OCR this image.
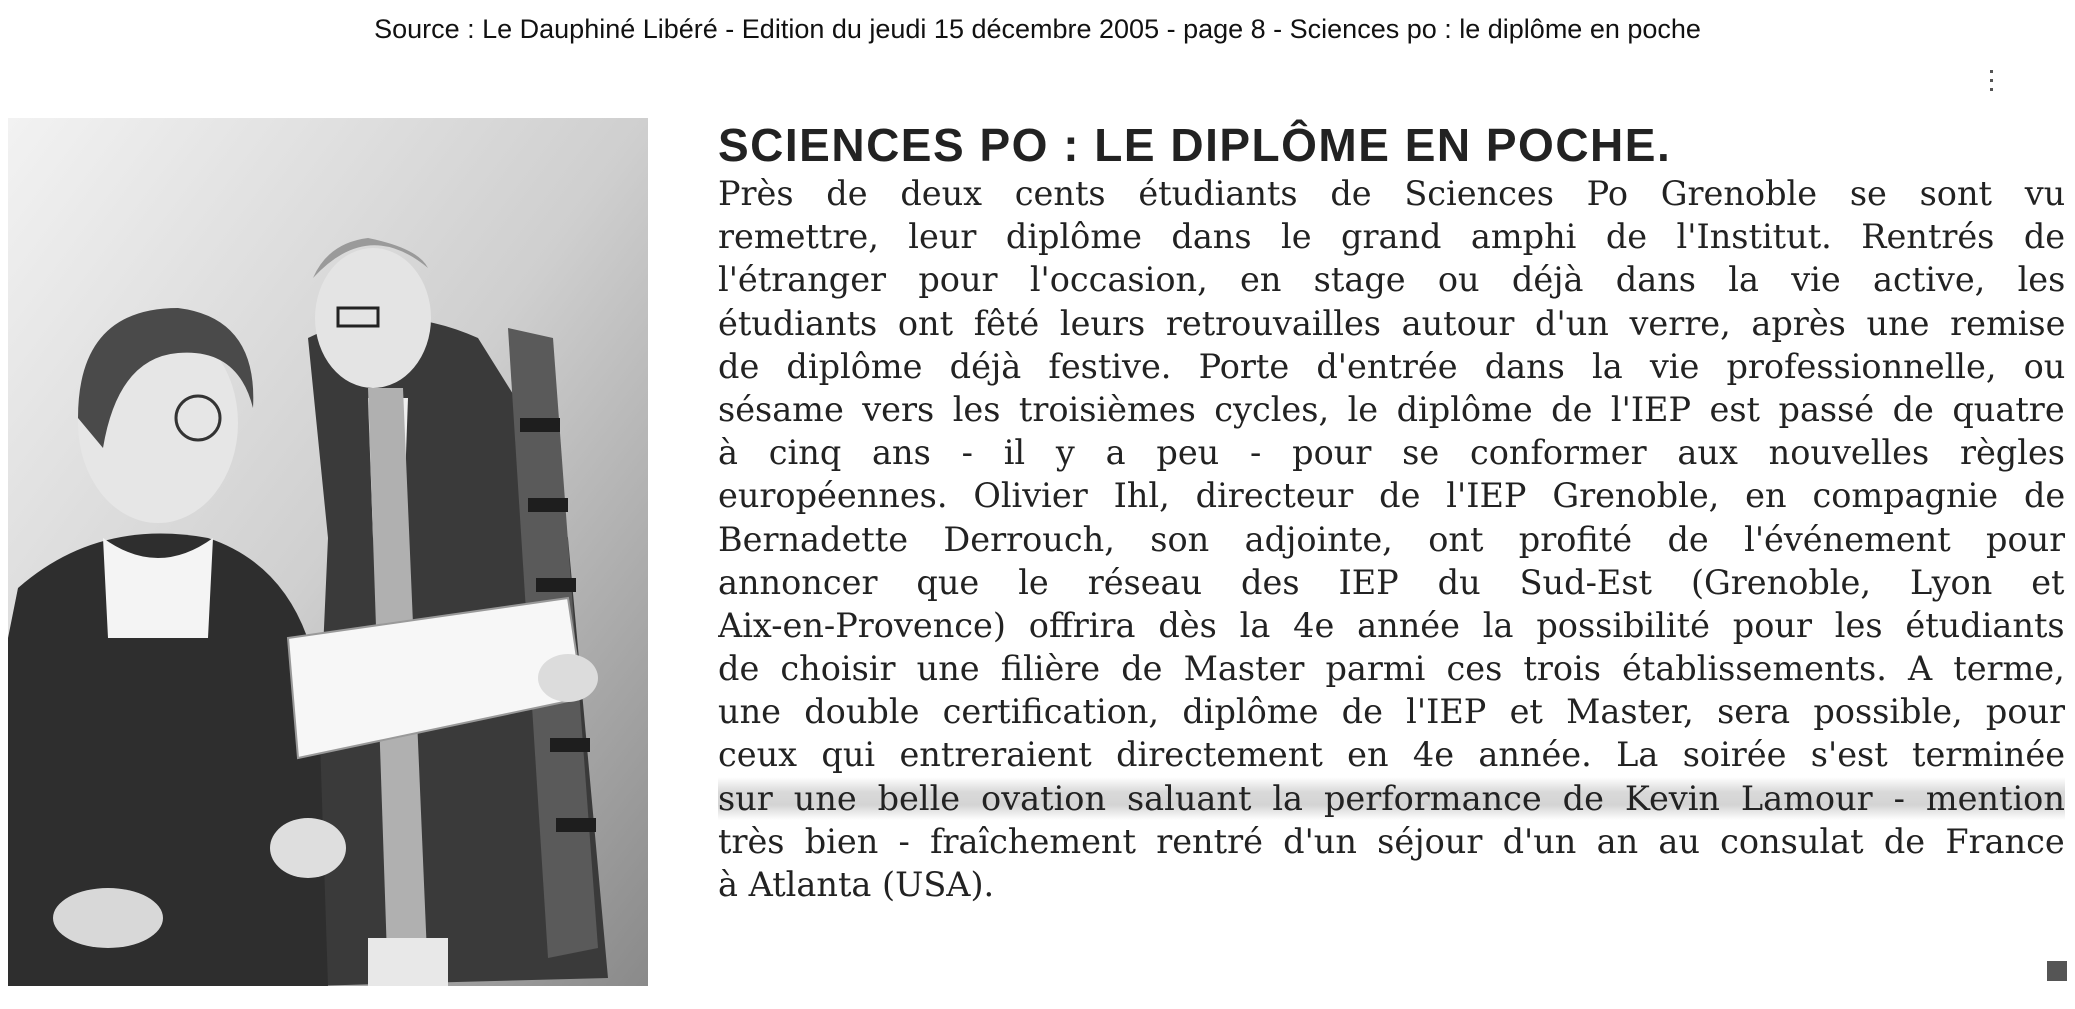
Source : Le Dauphiné Libéré - Edition du jeudi 15 décembre 2005 - page 8 - Sciences po : le diplôme en poche
SCIENCES PO : LE DIPLÔME EN POCHE.

Près de deux cents étudiants de Sciences Po Grenoble se sont vu
remettre, leur diplôme dans le grand amphi de l'Institut. Rentrés de
l'étranger pour l'occasion, en stage ou déjà dans la vie active, les
étudiants ont fêté leurs retrouvailles autour d'un verre, après une remise
de diplôme déjà festive. Porte d'entrée dans la vie professionnelle, ou
sésame vers les troisièmes cycles, le diplôme de l'IEP est passé de quatre
à cinq ans - il y a peu - pour se conformer aux nouvelles règles
européennes. Olivier Ihl, directeur de l'IEP Grenoble, en compagnie de
Bernadette Derrouch, son adjointe, ont profité de l'événement pour
annoncer que le réseau des IEP du Sud-Est (Grenoble, Lyon et
Aix-en-Provence) offrira dès la 4e année la possibilité pour les étudiants
de choisir une filière de Master parmi ces trois établissements. A terme,
une double certification, diplôme de l'IEP et Master, sera possible, pour
ceux qui entreraient directement en 4e année. La soirée s'est terminée
sur une belle ovation saluant la performance de Kevin Lamour - mention
très bien - fraîchement rentré d'un séjour d'un an au consulat de France
à Atlanta (USA).
